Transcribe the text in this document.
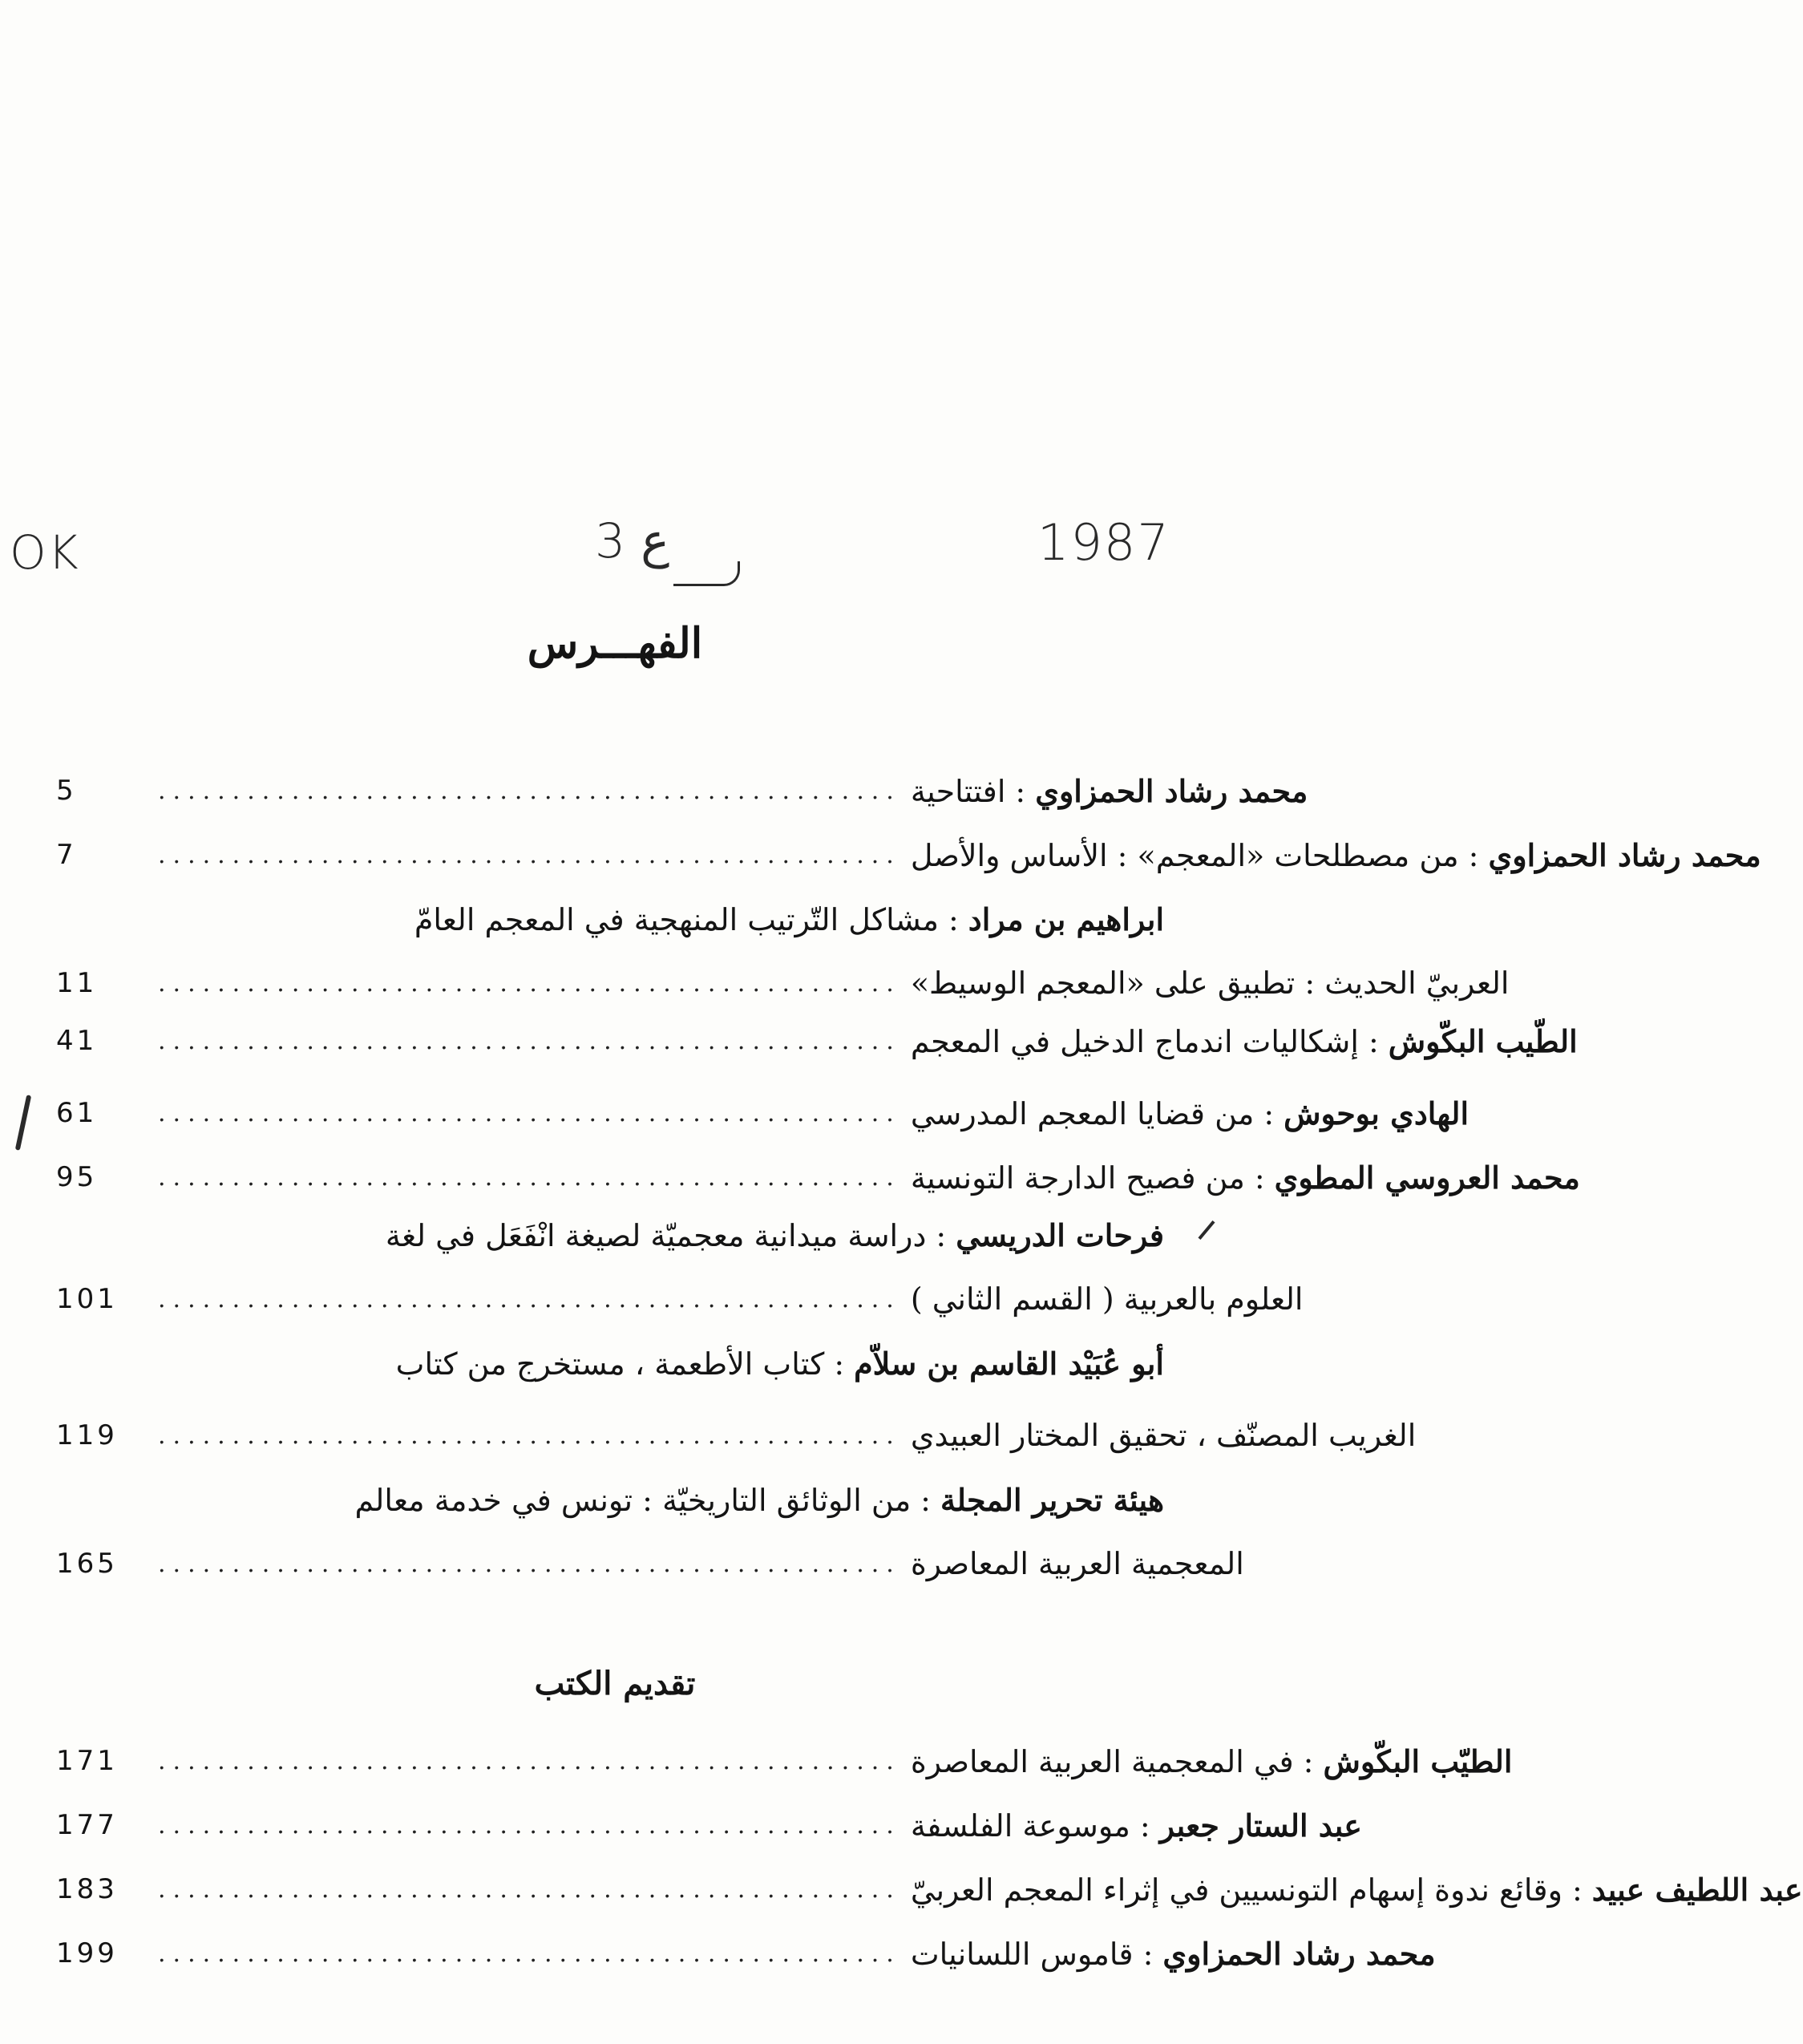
OK	3 ع	1987
الفهـــرس
5	..................................................	محمد رشاد الحمزاوي:افتتاحية
7	..................................................	محمد رشاد الحمزاوي:من مصطلحات «المعجم» : الأساس والأصل
ابراهيم بن مراد:مشاكل التّرتيب المنهجية في المعجم العامّ
11	.................................................. العربيّ الحديث : تطبيق على «المعجم الوسيط»
41	..................................................	الطّيب البكّوش:إشكاليات اندماج الدخيل في المعجم
61	..................................................	الهادي بوحوش:من قضايا المعجم المدرسي
95	..................................................	محمد العروسي المطوي:من فصيح الدارجة التونسية
فرحات الدريسي:دراسة ميدانية معجميّة لصيغة انْفَعَل في لغة
101	.................................................. العلوم بالعربية ( القسم الثاني )
أبو عُبَيْد القاسم بن سلاّم:كتاب الأطعمة ، مستخرج من كتاب
119	.................................................. الغريب المصنّف ، تحقيق المختار العبيدي
هيئة تحرير المجلة:من الوثائق التاريخيّة : تونس في خدمة معالم
165	.................................................. المعجمية العربية المعاصرة
تقديم الكتب
171	..................................................	الطيّب البكّوش:في المعجمية العربية المعاصرة
177	..................................................	عبد الستار جعبر:موسوعة الفلسفة
183	..................................................	عبد اللطيف عبيد:وقائع ندوة إسهام التونسيين في إثراء المعجم العربيّ
199	..................................................	محمد رشاد الحمزاوي:قاموس اللسانيات
